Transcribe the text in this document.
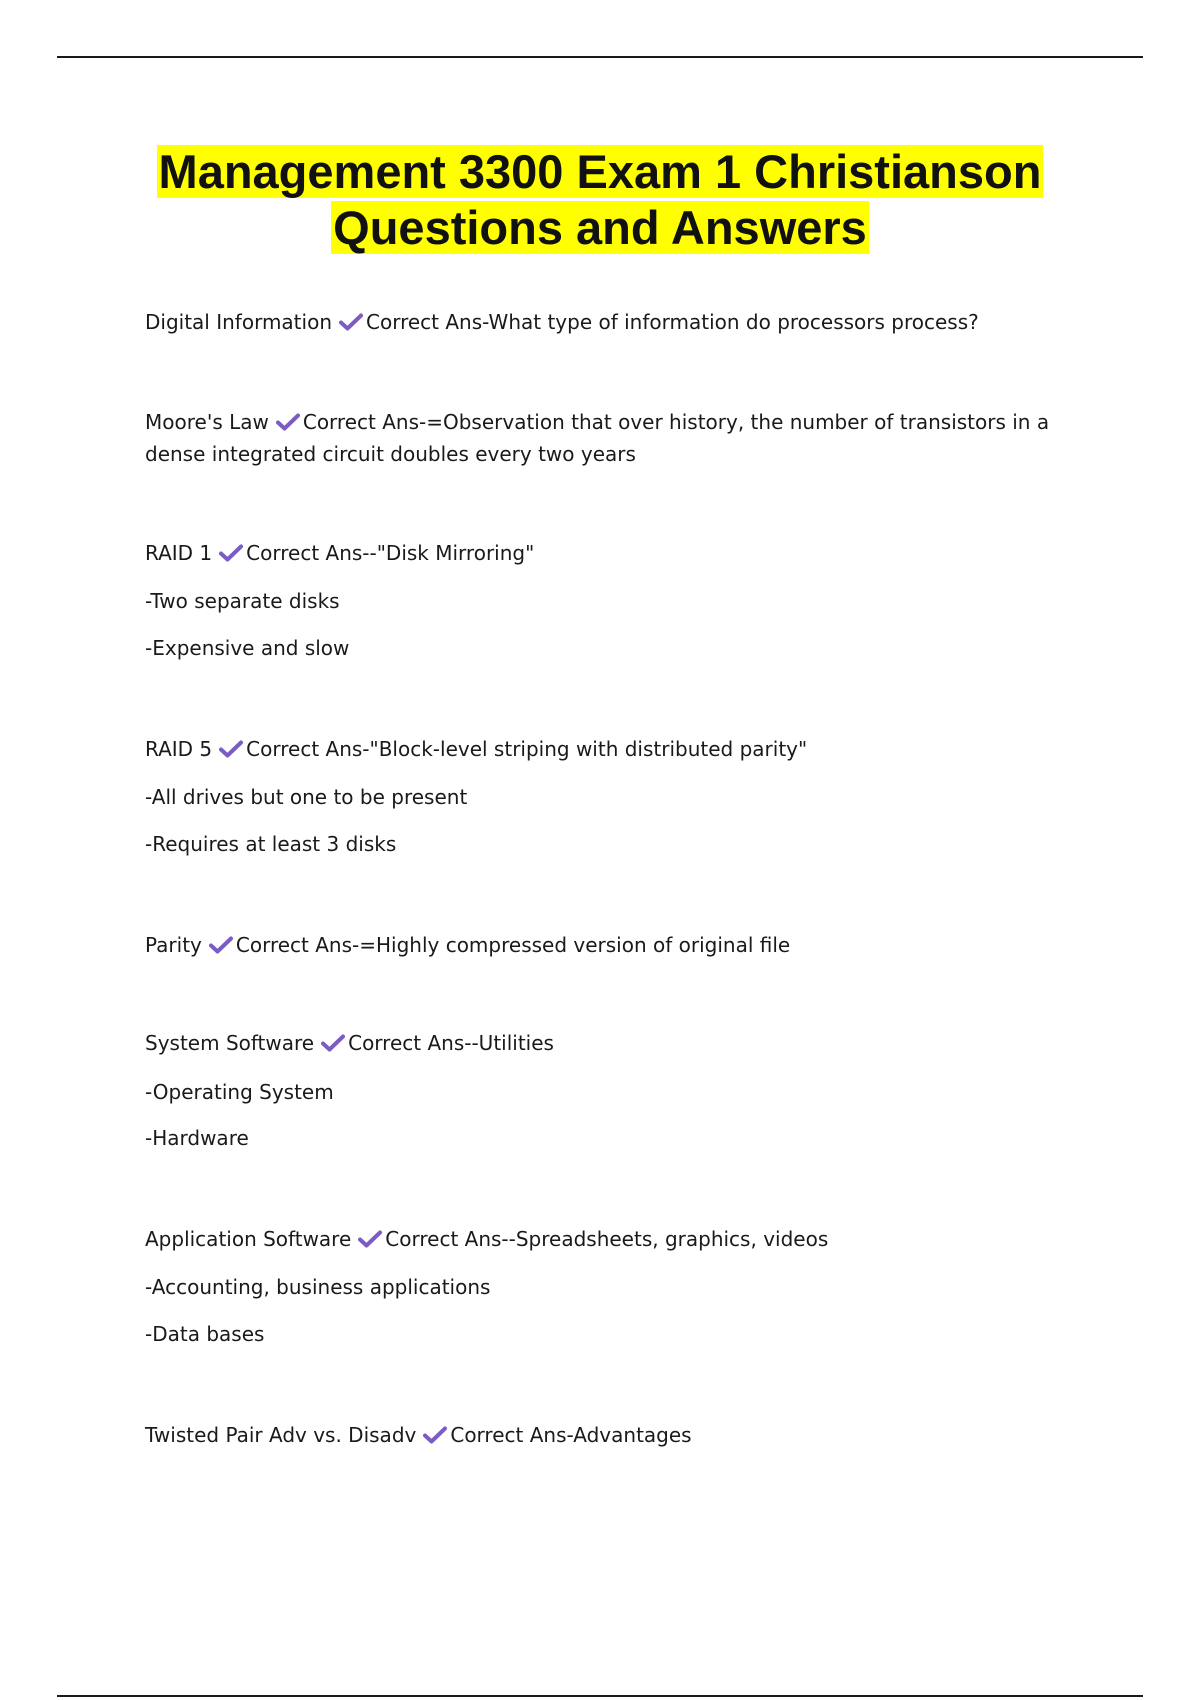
Management 3300 Exam 1 Christianson
Questions and Answers
Digital Information Correct Ans-What type of information do processors process?
Moore's Law Correct Ans-=Observation that over history, the number of transistors in a dense integrated circuit doubles every two years
RAID 1 Correct Ans--"Disk Mirroring"
-Two separate disks
-Expensive and slow
RAID 5 Correct Ans-"Block-level striping with distributed parity"
-All drives but one to be present
-Requires at least 3 disks
Parity Correct Ans-=Highly compressed version of original file
System Software Correct Ans--Utilities
-Operating System
-Hardware
Application Software Correct Ans--Spreadsheets, graphics, videos
-Accounting, business applications
-Data bases
Twisted Pair Adv vs. Disadv Correct Ans-Advantages
